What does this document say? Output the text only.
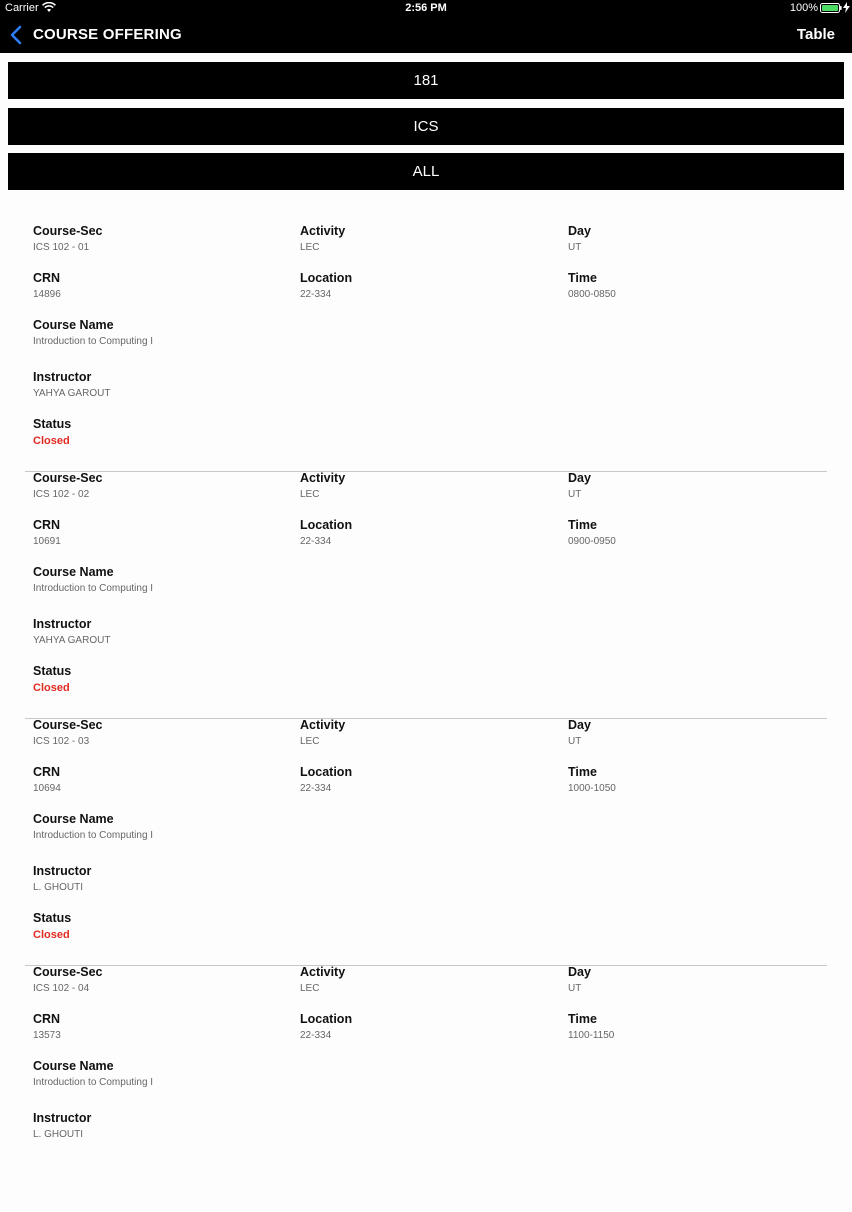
Carrier	2:56 PM	100%
COURSE OFFERING	Table
181
ICS
ALL
Course-Sec
ICS 102 - 01
Activity
LEC
Day
UT
CRN
14896
Location
22-334
Time
0800-0850
Course Name
Introduction to Computing I
Instructor
YAHYA GAROUT
Status
Closed
Course-Sec
ICS 102 - 02
Activity
LEC
Day
UT
CRN
10691
Location
22-334
Time
0900-0950
Course Name
Introduction to Computing I
Instructor
YAHYA GAROUT
Status
Closed
Course-Sec
ICS 102 - 03
Activity
LEC
Day
UT
CRN
10694
Location
22-334
Time
1000-1050
Course Name
Introduction to Computing I
Instructor
L. GHOUTI
Status
Closed
Course-Sec
ICS 102 - 04
Activity
LEC
Day
UT
CRN
13573
Location
22-334
Time
1100-1150
Course Name
Introduction to Computing I
Instructor
L. GHOUTI
